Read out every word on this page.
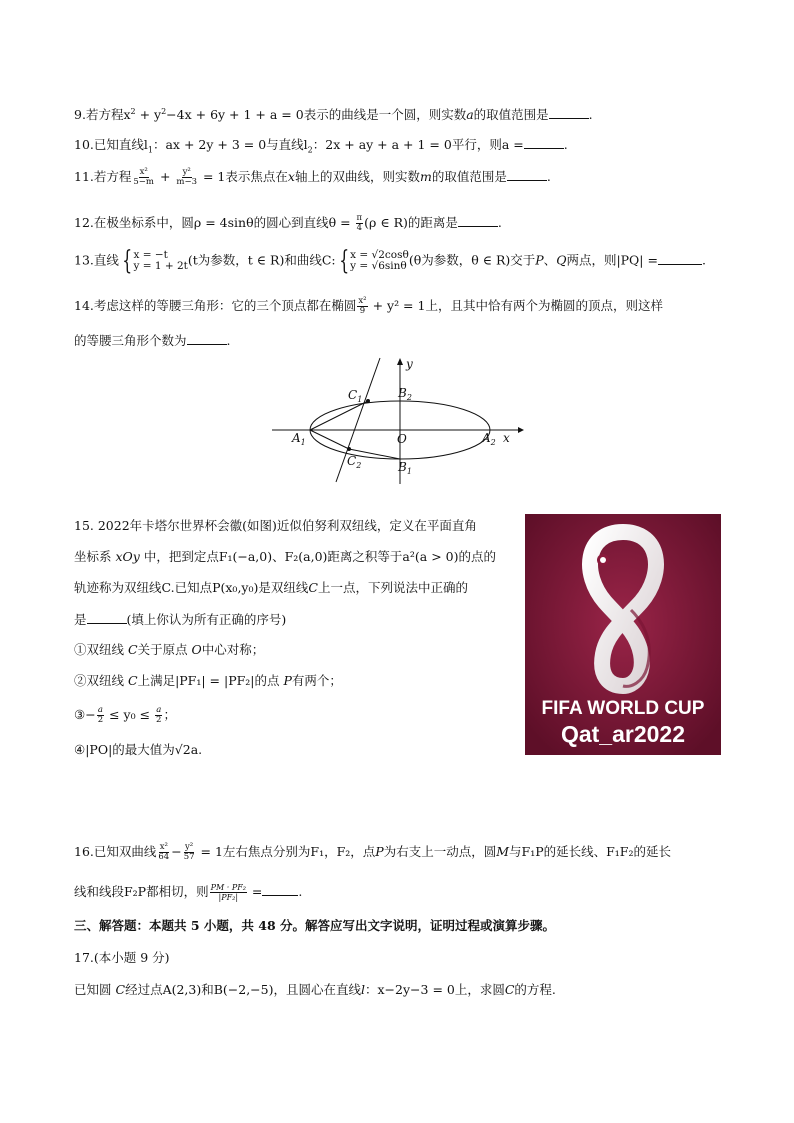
9.若方程$x^2 + y^2-4x + 6y + 1 + a = 0$表示的曲线是一个圆，则实数a的取值范围是	.
10.已知直线$l_1$：ax + 2y + 3 = 0与直线$l_2$：2x + ay + a + 1 = 0平行，则a =	.
11.若方程 $\frac{\text{x²}}{5-m} + \frac{\text{y²}}{m-3} = 1$表示焦点在x轴上的双曲线，则实数m的取值范围是	.
12.在极坐标系中，圆ρ = 4sinθ的圆心到直线$\theta = \frac{\pi}{4} (\rho$ ∈ R)的距离是	.
13.直线 { x = −t
y = 1 + 2t (t为参数，t ∈ R)和曲线C: { x = √2cosθ
y = √6sinθ (θ为参数，θ ∈ R)交于P、Q两点，则|PQ| =	.
14.考虑这样的等腰三角形：它的三个顶点都在椭圆 $\frac{\text{x²}}{9} + y^2 = 1$上，且其中恰有两个为椭圆的顶点，则这样
的等腰三角形个数为	.
y
x
O
$A_1$	$A_2$
$B_2$
$B_1$
$C_1$
$C_2$
15. 2022年卡塔尔世界杯会徽(如图)近似伯努利双纽线，定义在平面直角
坐标系 xOy 中，把到定点F₁(−a,0)、F₂(a,0)距离之积等于a²(a > 0)的点的
轨迹称为双纽线C.已知点P(x₀,y₀)是双纽线C上一点，下列说法中正确的
是	(填上你认为所有正确的序号)
①双纽线 C关于原点 O中心对称；
②双纽线 C上满足|PF₁| = |PF₂|的点 P有两个；
③− $\frac{a}{2} \le y_0 \le \frac{a}{2}$ ；
④|PO|的最大值为√2a.
FIFA WORLD CUP
Qat_ar2022
16.已知双曲线 $\frac{\text{x²}}{64} - \frac{\text{y²}}{57} = 1$左右焦点分别为F₁，F₂，点P为右支上一动点，圆M与F₁P的延长线、F₁F₂的延长
线和线段F₂P都相切，则 $\frac{\text{PM · PF₂}}{\text{|PF₂|}}$ =	.
三、解答题：本题共 5 小题，共 48 分。解答应写出文字说明，证明过程或演算步骤。
17.(本小题 9 分)
已知圆 C经过点A(2,3)和B(−2,−5)，且圆心在直线l：x−2y−3 = 0上，求圆C的方程.
